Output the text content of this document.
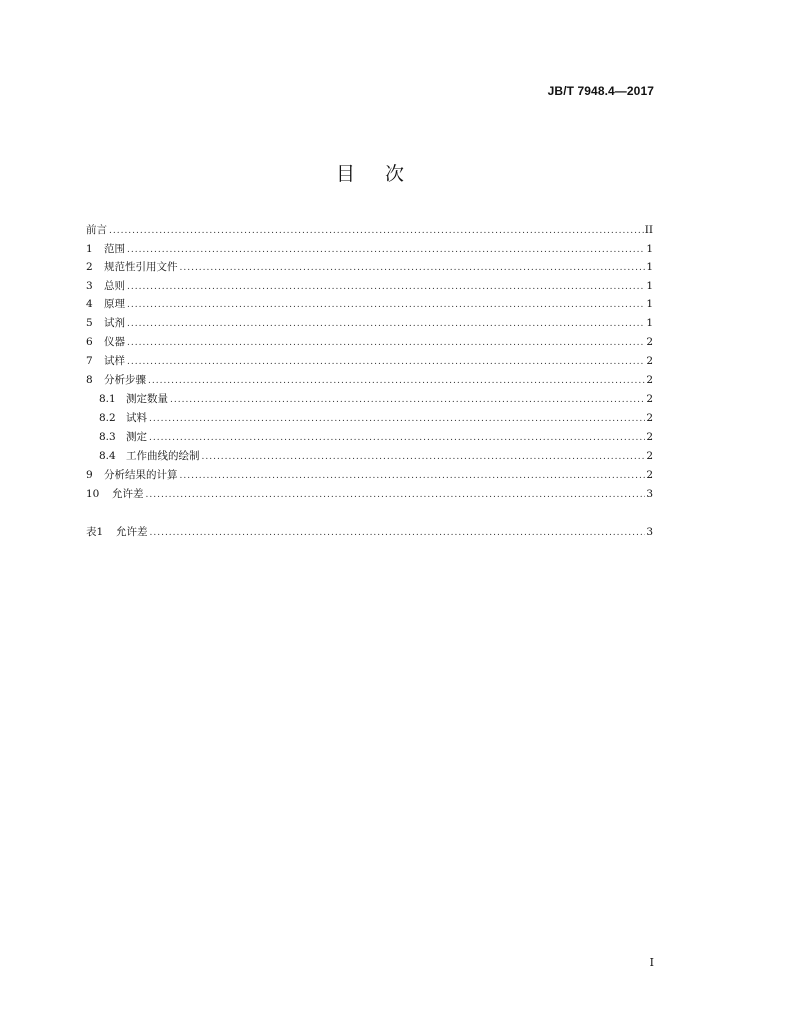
JB/T 7948.4—2017
目 次
前言 .....	II
1	范围 .....	1
2	规范性引用文件 .....	1
3	总则 .....	1
4	原理 .....	1
5	试剂 .....	1
6	仪器 .....	2
7	试样 .....	2
8	分析步骤 .....	2
8.1 测定数量 .....	2
8.2 试料 .....	2
8.3 测定 .....	2
8.4 工作曲线的绘制 .....	2
9	分析结果的计算 .....	2
10	允许差 .....	3
表1	允许差 .....	3
I
